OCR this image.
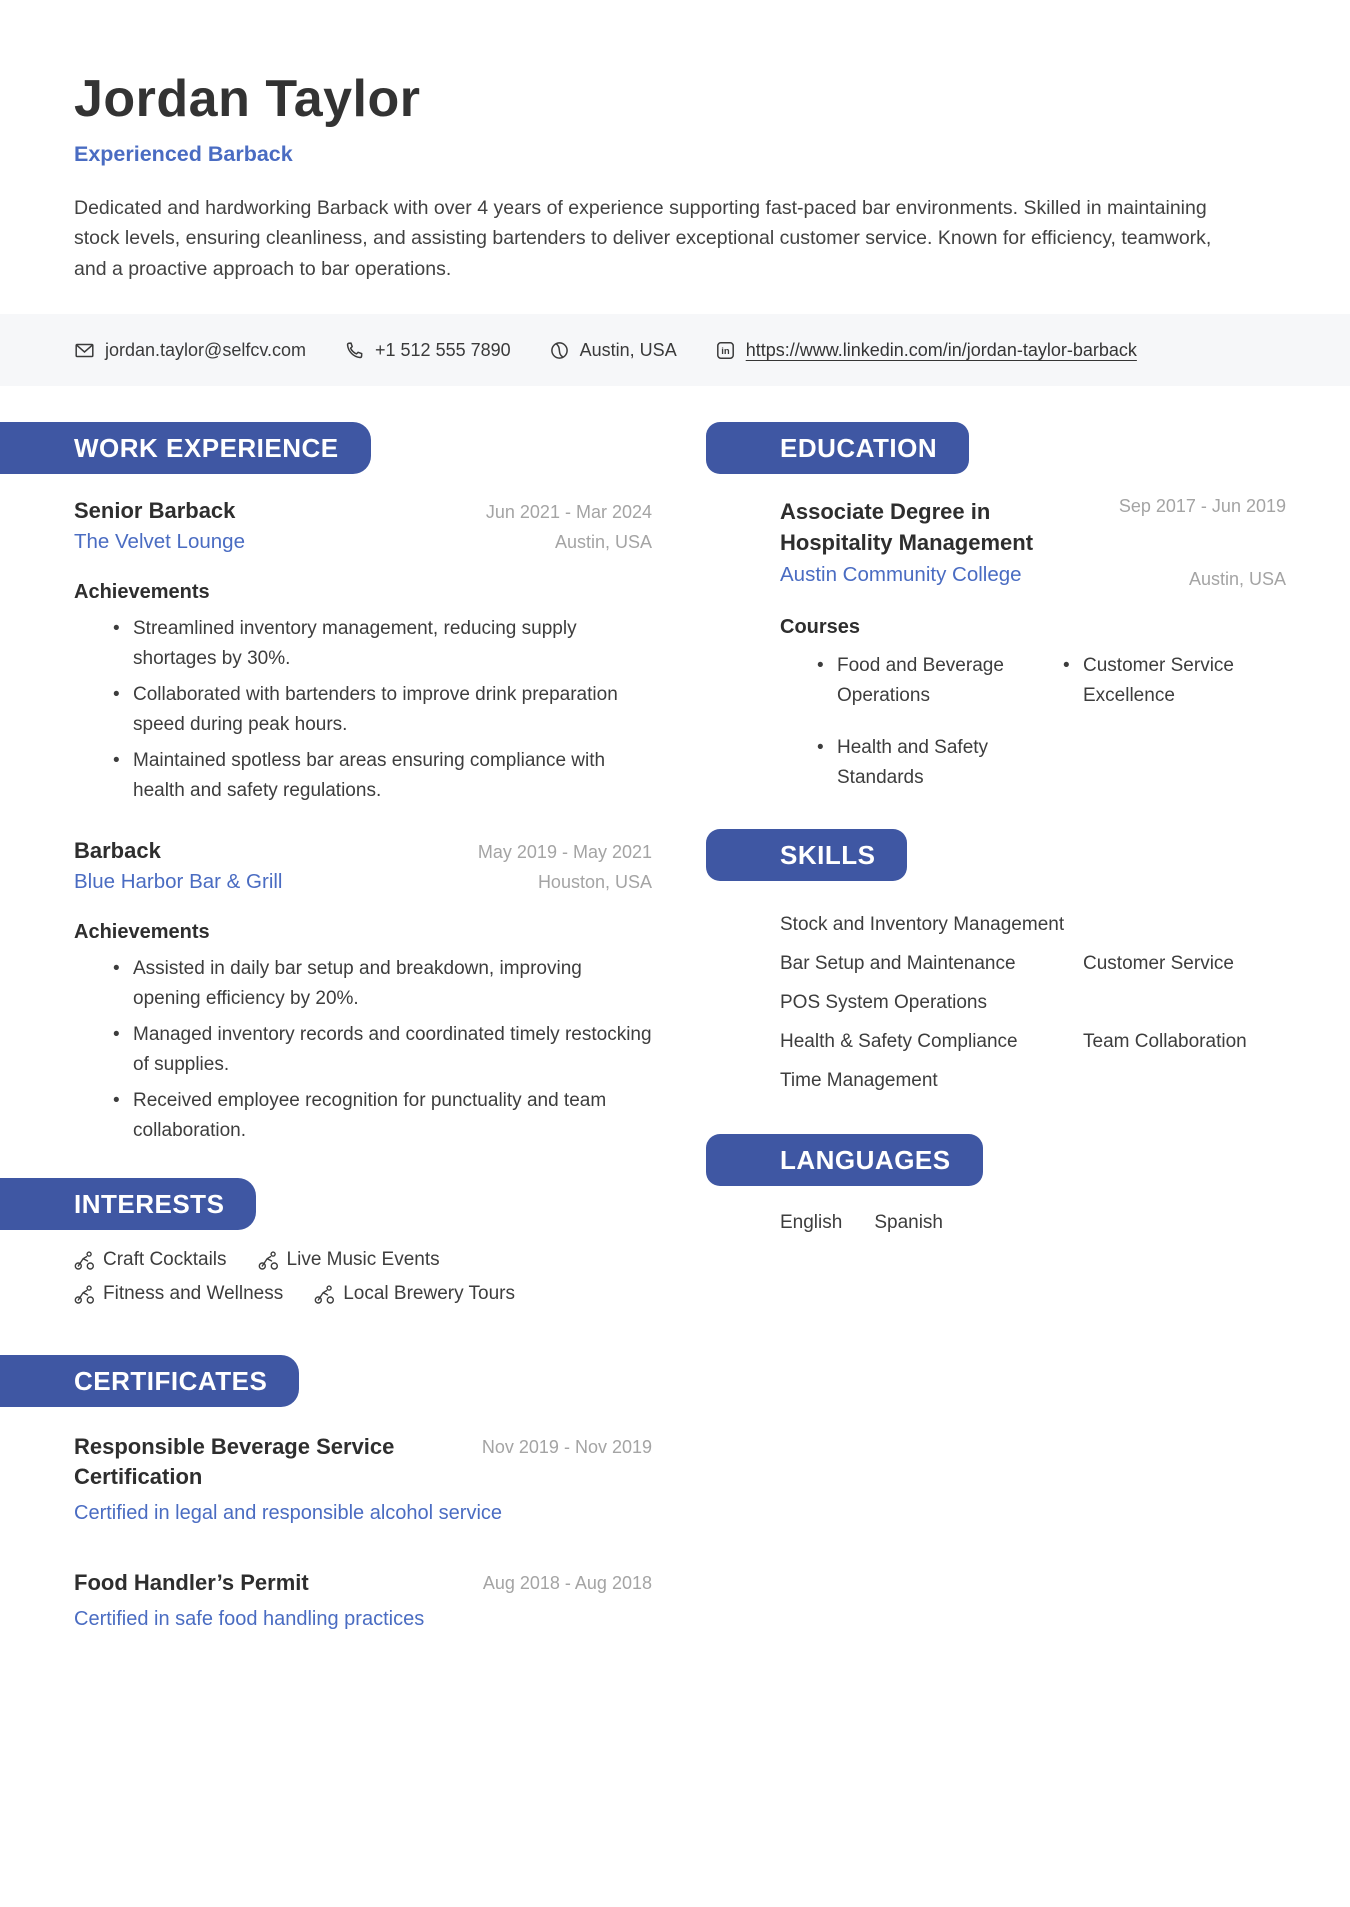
Jordan Taylor
Experienced Barback
Dedicated and hardworking Barback with over 4 years of experience supporting fast-paced bar environments. Skilled in maintaining stock levels, ensuring cleanliness, and assisting bartenders to deliver exceptional customer service. Known for efficiency, teamwork, and a proactive approach to bar operations.
jordan.taylor@selfcv.com	+1 512 555 7890	Austin, USA	in https://www.linkedin.com/in/jordan-taylor-barback
WORK EXPERIENCE
Senior Barback	Jun 2021 - Mar 2024
The Velvet Lounge	Austin, USA
Achievements
• Streamlined inventory management, reducing supply shortages by 30%.
• Collaborated with bartenders to improve drink preparation speed during peak hours.
• Maintained spotless bar areas ensuring compliance with health and safety regulations.
Barback	May 2019 - May 2021
Blue Harbor Bar & Grill	Houston, USA
Achievements
• Assisted in daily bar setup and breakdown, improving opening efficiency by 20%.
• Managed inventory records and coordinated timely restocking of supplies.
• Received employee recognition for punctuality and team collaboration.
INTERESTS
Craft Cocktails	Live Music Events
Fitness and Wellness	Local Brewery Tours
CERTIFICATES
Responsible Beverage Service Certification
Nov 2019 - Nov 2019
Certified in legal and responsible alcohol service
Food Handler’s Permit	Aug 2018 - Aug 2018
Certified in safe food handling practices
EDUCATION
Associate Degree in Hospitality Management
Austin Community College
Sep 2017 - Jun 2019
Austin, USA
Courses
• Food and Beverage Operations
• Customer Service Excellence
• Health and Safety Standards
SKILLS
Stock and Inventory Management
Bar Setup and Maintenance	Customer Service
POS System Operations
Health & Safety Compliance	Team Collaboration
Time Management
LANGUAGES
English Spanish
